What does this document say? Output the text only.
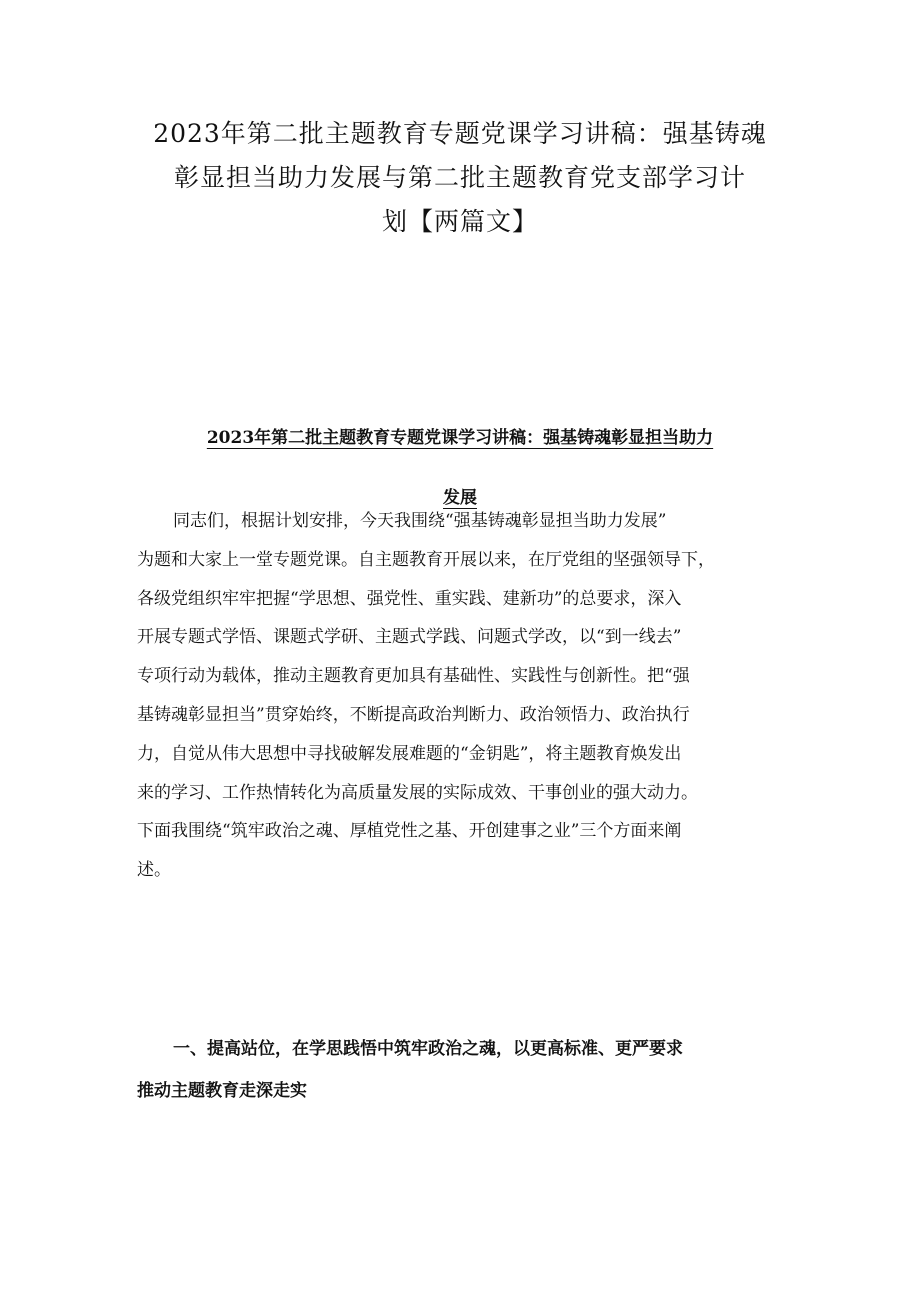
2023年第二批主题教育专题党课学习讲稿：强基铸魂
彰显担当助力发展与第二批主题教育党支部学习计
划【两篇文】
2023年第二批主题教育专题党课学习讲稿：强基铸魂彰显担当助力
发展

同志们，根据计划安排，今天我围绕“强基铸魂彰显担当助力发展”
为题和大家上一堂专题党课。自主题教育开展以来，在厅党组的坚强领导下，
各级党组织牢牢把握“学思想、强党性、重实践、建新功”的总要求，深入
开展专题式学悟、课题式学研、主题式学践、问题式学改，以“到一线去”
专项行动为载体，推动主题教育更加具有基础性、实践性与创新性。把“强
基铸魂彰显担当”贯穿始终，不断提高政治判断力、政治领悟力、政治执行
力，自觉从伟大思想中寻找破解发展难题的“金钥匙”，将主题教育焕发出
来的学习、工作热情转化为高质量发展的实际成效、干事创业的强大动力。
下面我围绕“筑牢政治之魂、厚植党性之基、开创建事之业”三个方面来阐
述。

一、提高站位，在学思践悟中筑牢政治之魂，以更高标准、更严要求
推动主题教育走深走实
